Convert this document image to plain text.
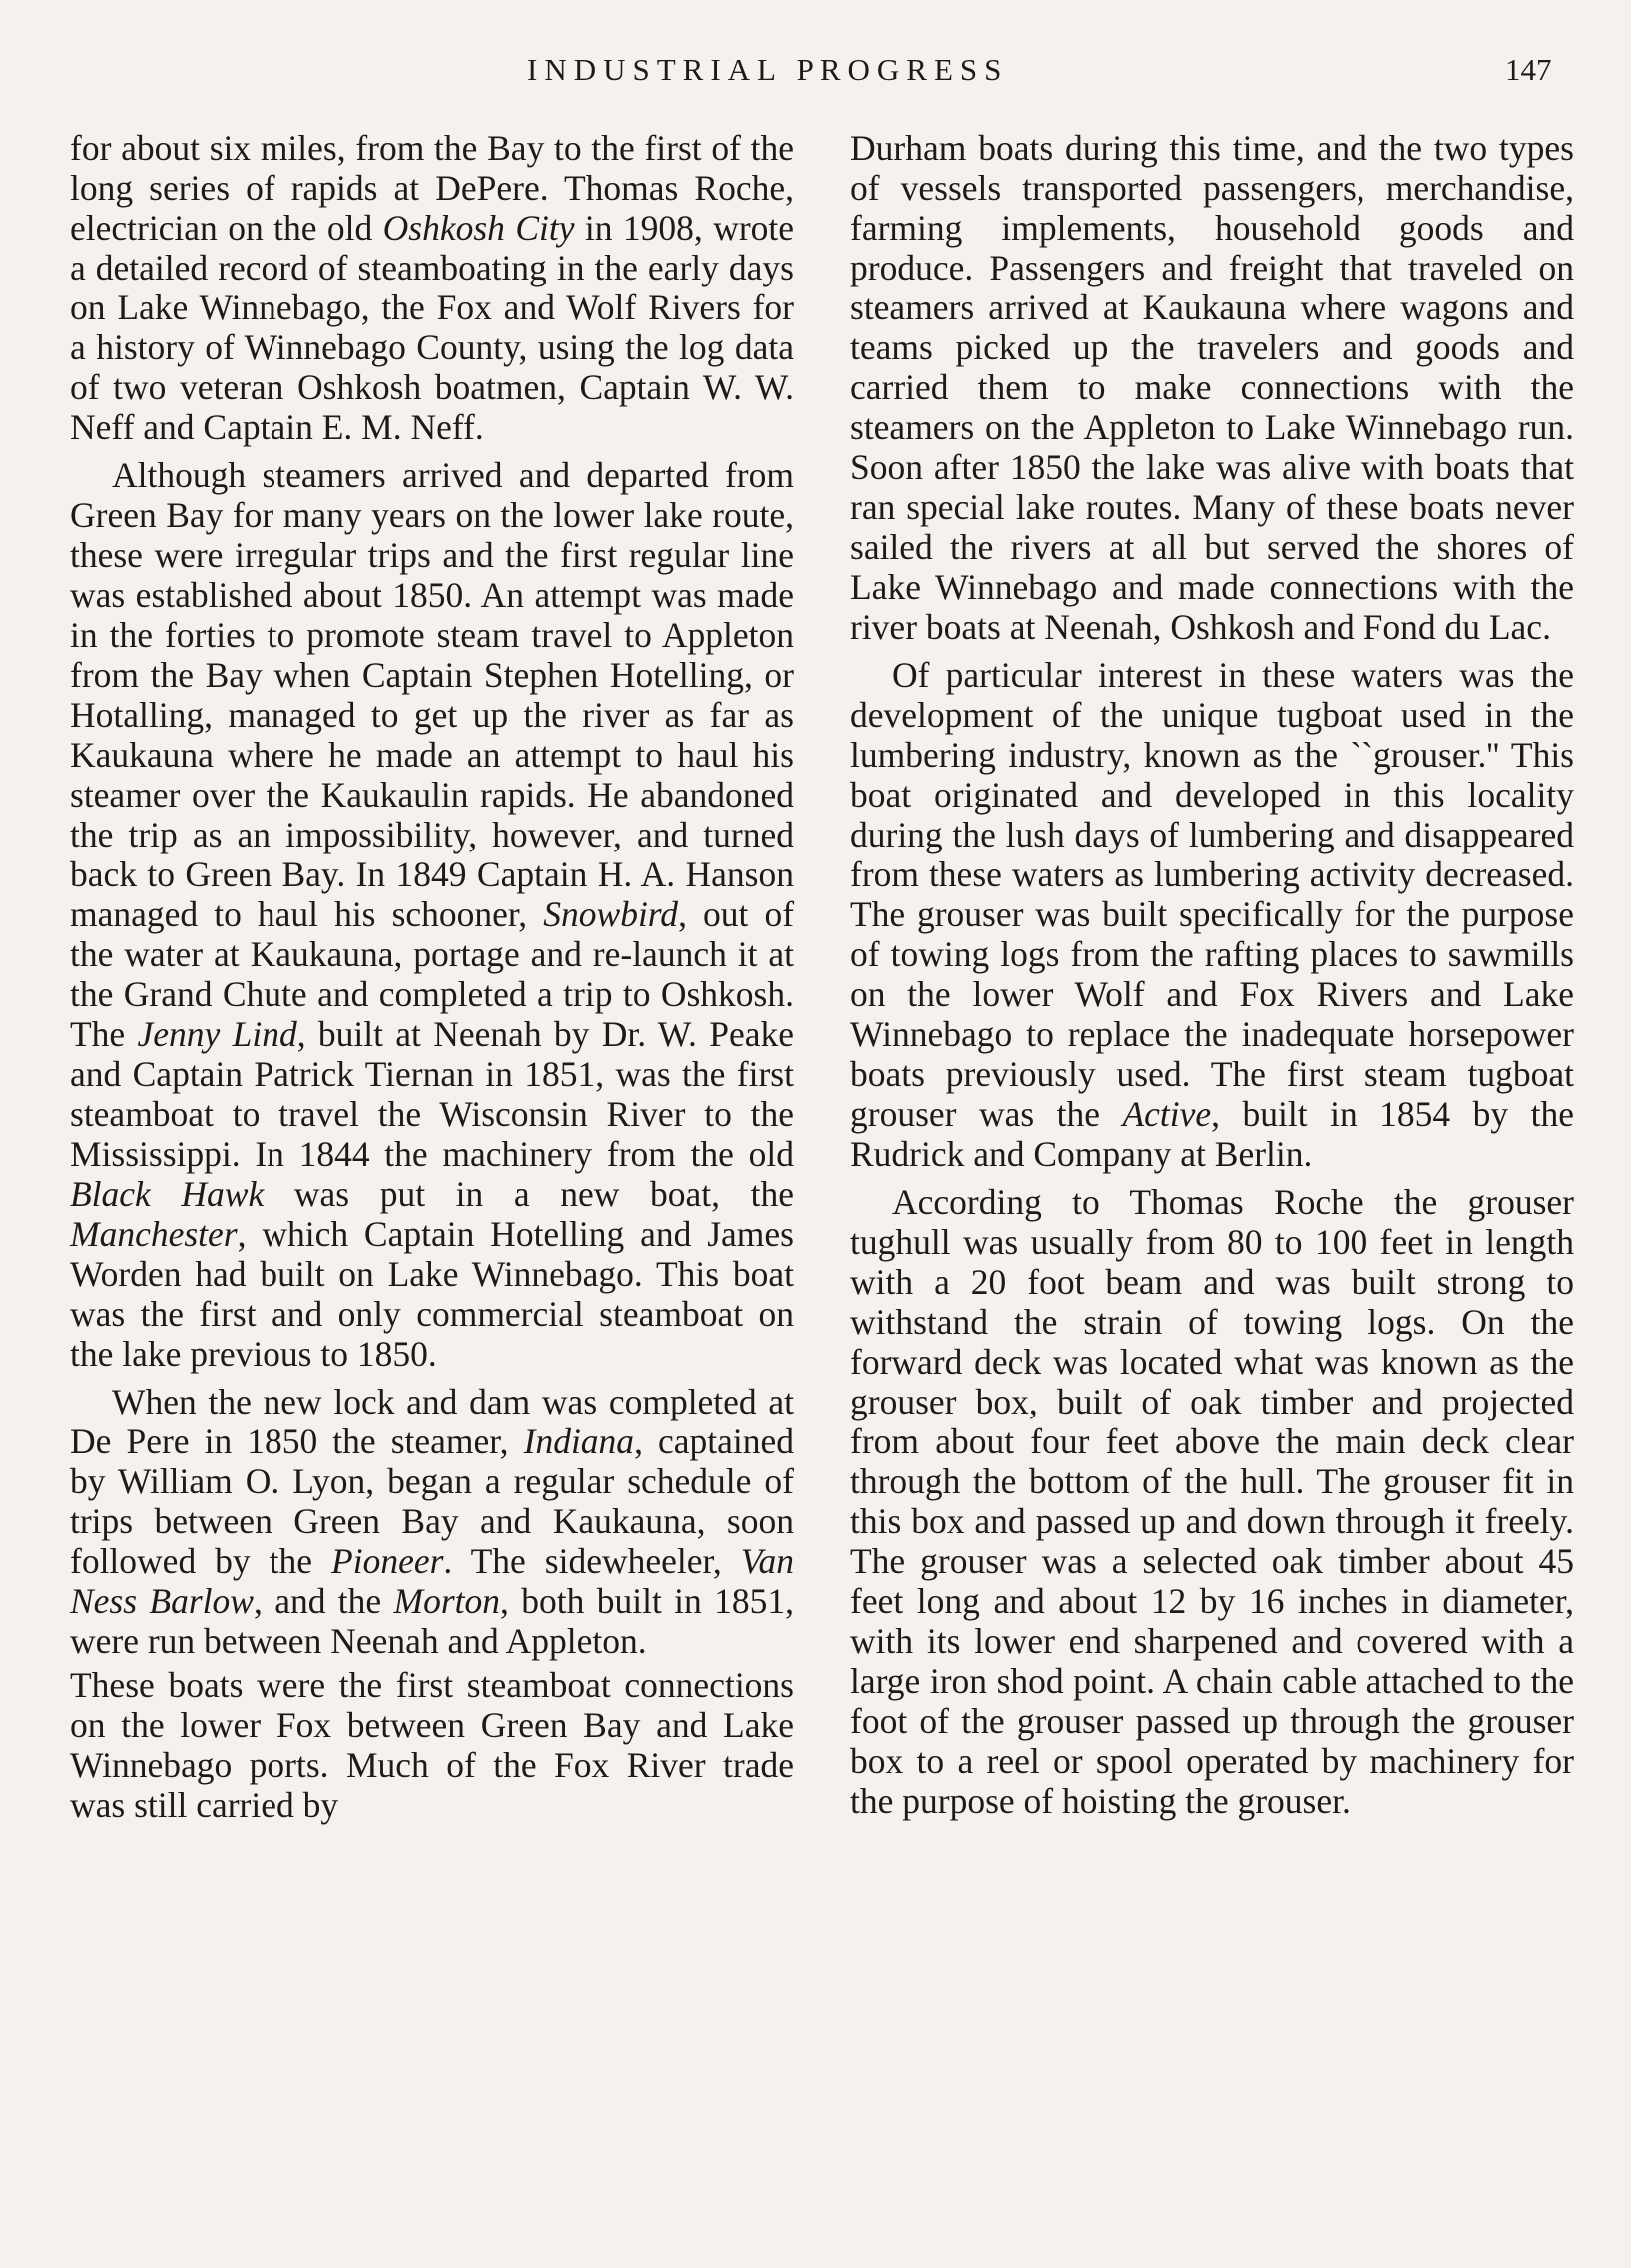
INDUSTRIAL PROGRESS	147

for about six miles, from the Bay to the first of the long series of rapids at DePere. Thomas Roche, electrician on the old Oshkosh City in 1908, wrote a detailed record of steamboating in the early days on Lake Winnebago, the Fox and Wolf Rivers for a history of Winnebago County, using the log data of two veteran Oshkosh boatmen, Captain W. W. Neff and Captain E. M. Neff.

Although steamers arrived and departed from Green Bay for many years on the lower lake route, these were irregular trips and the first regular line was established about 1850. An attempt was made in the forties to promote steam travel to Appleton from the Bay when Captain Stephen Hotelling, or Hotalling, managed to get up the river as far as Kaukauna where he made an attempt to haul his steamer over the Kaukaulin rapids. He abandoned the trip as an impossibility, however, and turned back to Green Bay. In 1849 Captain H. A. Hanson managed to haul his schooner, Snowbird, out of the water at Kaukauna, portage and re-launch it at the Grand Chute and completed a trip to Oshkosh. The Jenny Lind, built at Neenah by Dr. W. Peake and Captain Patrick Tiernan in 1851, was the first steamboat to travel the Wisconsin River to the Mississippi. In 1844 the machinery from the old Black Hawk was put in a new boat, the Manchester, which Captain Hotelling and James Worden had built on Lake Winnebago. This boat was the first and only commercial steamboat on the lake previous to 1850.

When the new lock and dam was completed at De Pere in 1850 the steamer, Indiana, captained by William O. Lyon, began a regular schedule of trips between Green Bay and Kaukauna, soon followed by the Pioneer. The sidewheeler, Van Ness Barlow, and the Morton, both built in 1851, were run between Neenah and Appleton.

These boats were the first steamboat connections on the lower Fox between Green Bay and Lake Winnebago ports. Much of the Fox River trade was still carried by

Durham boats during this time, and the two types of vessels transported passengers, merchandise, farming implements, household goods and produce. Passengers and freight that traveled on steamers arrived at Kaukauna where wagons and teams picked up the travelers and goods and carried them to make connections with the steamers on the Appleton to Lake Winnebago run. Soon after 1850 the lake was alive with boats that ran special lake routes. Many of these boats never sailed the rivers at all but served the shores of Lake Winnebago and made connections with the river boats at Neenah, Oshkosh and Fond du Lac.

Of particular interest in these waters was the development of the unique tugboat used in the lumbering industry, known as the ``grouser.'' This boat originated and developed in this locality during the lush days of lumbering and disappeared from these waters as lumbering activity decreased. The grouser was built specifically for the purpose of towing logs from the rafting places to sawmills on the lower Wolf and Fox Rivers and Lake Winnebago to replace the inadequate horsepower boats previously used. The first steam tugboat grouser was the Active, built in 1854 by the Rudrick and Company at Berlin.

According to Thomas Roche the grouser tughull was usually from 80 to 100 feet in length with a 20 foot beam and was built strong to withstand the strain of towing logs. On the forward deck was located what was known as the grouser box, built of oak timber and projected from about four feet above the main deck clear through the bottom of the hull. The grouser fit in this box and passed up and down through it freely. The grouser was a selected oak timber about 45 feet long and about 12 by 16 inches in diameter, with its lower end sharpened and covered with a large iron shod point. A chain cable attached to the foot of the grouser passed up through the grouser box to a reel or spool operated by machinery for the purpose of hoisting the grouser.
